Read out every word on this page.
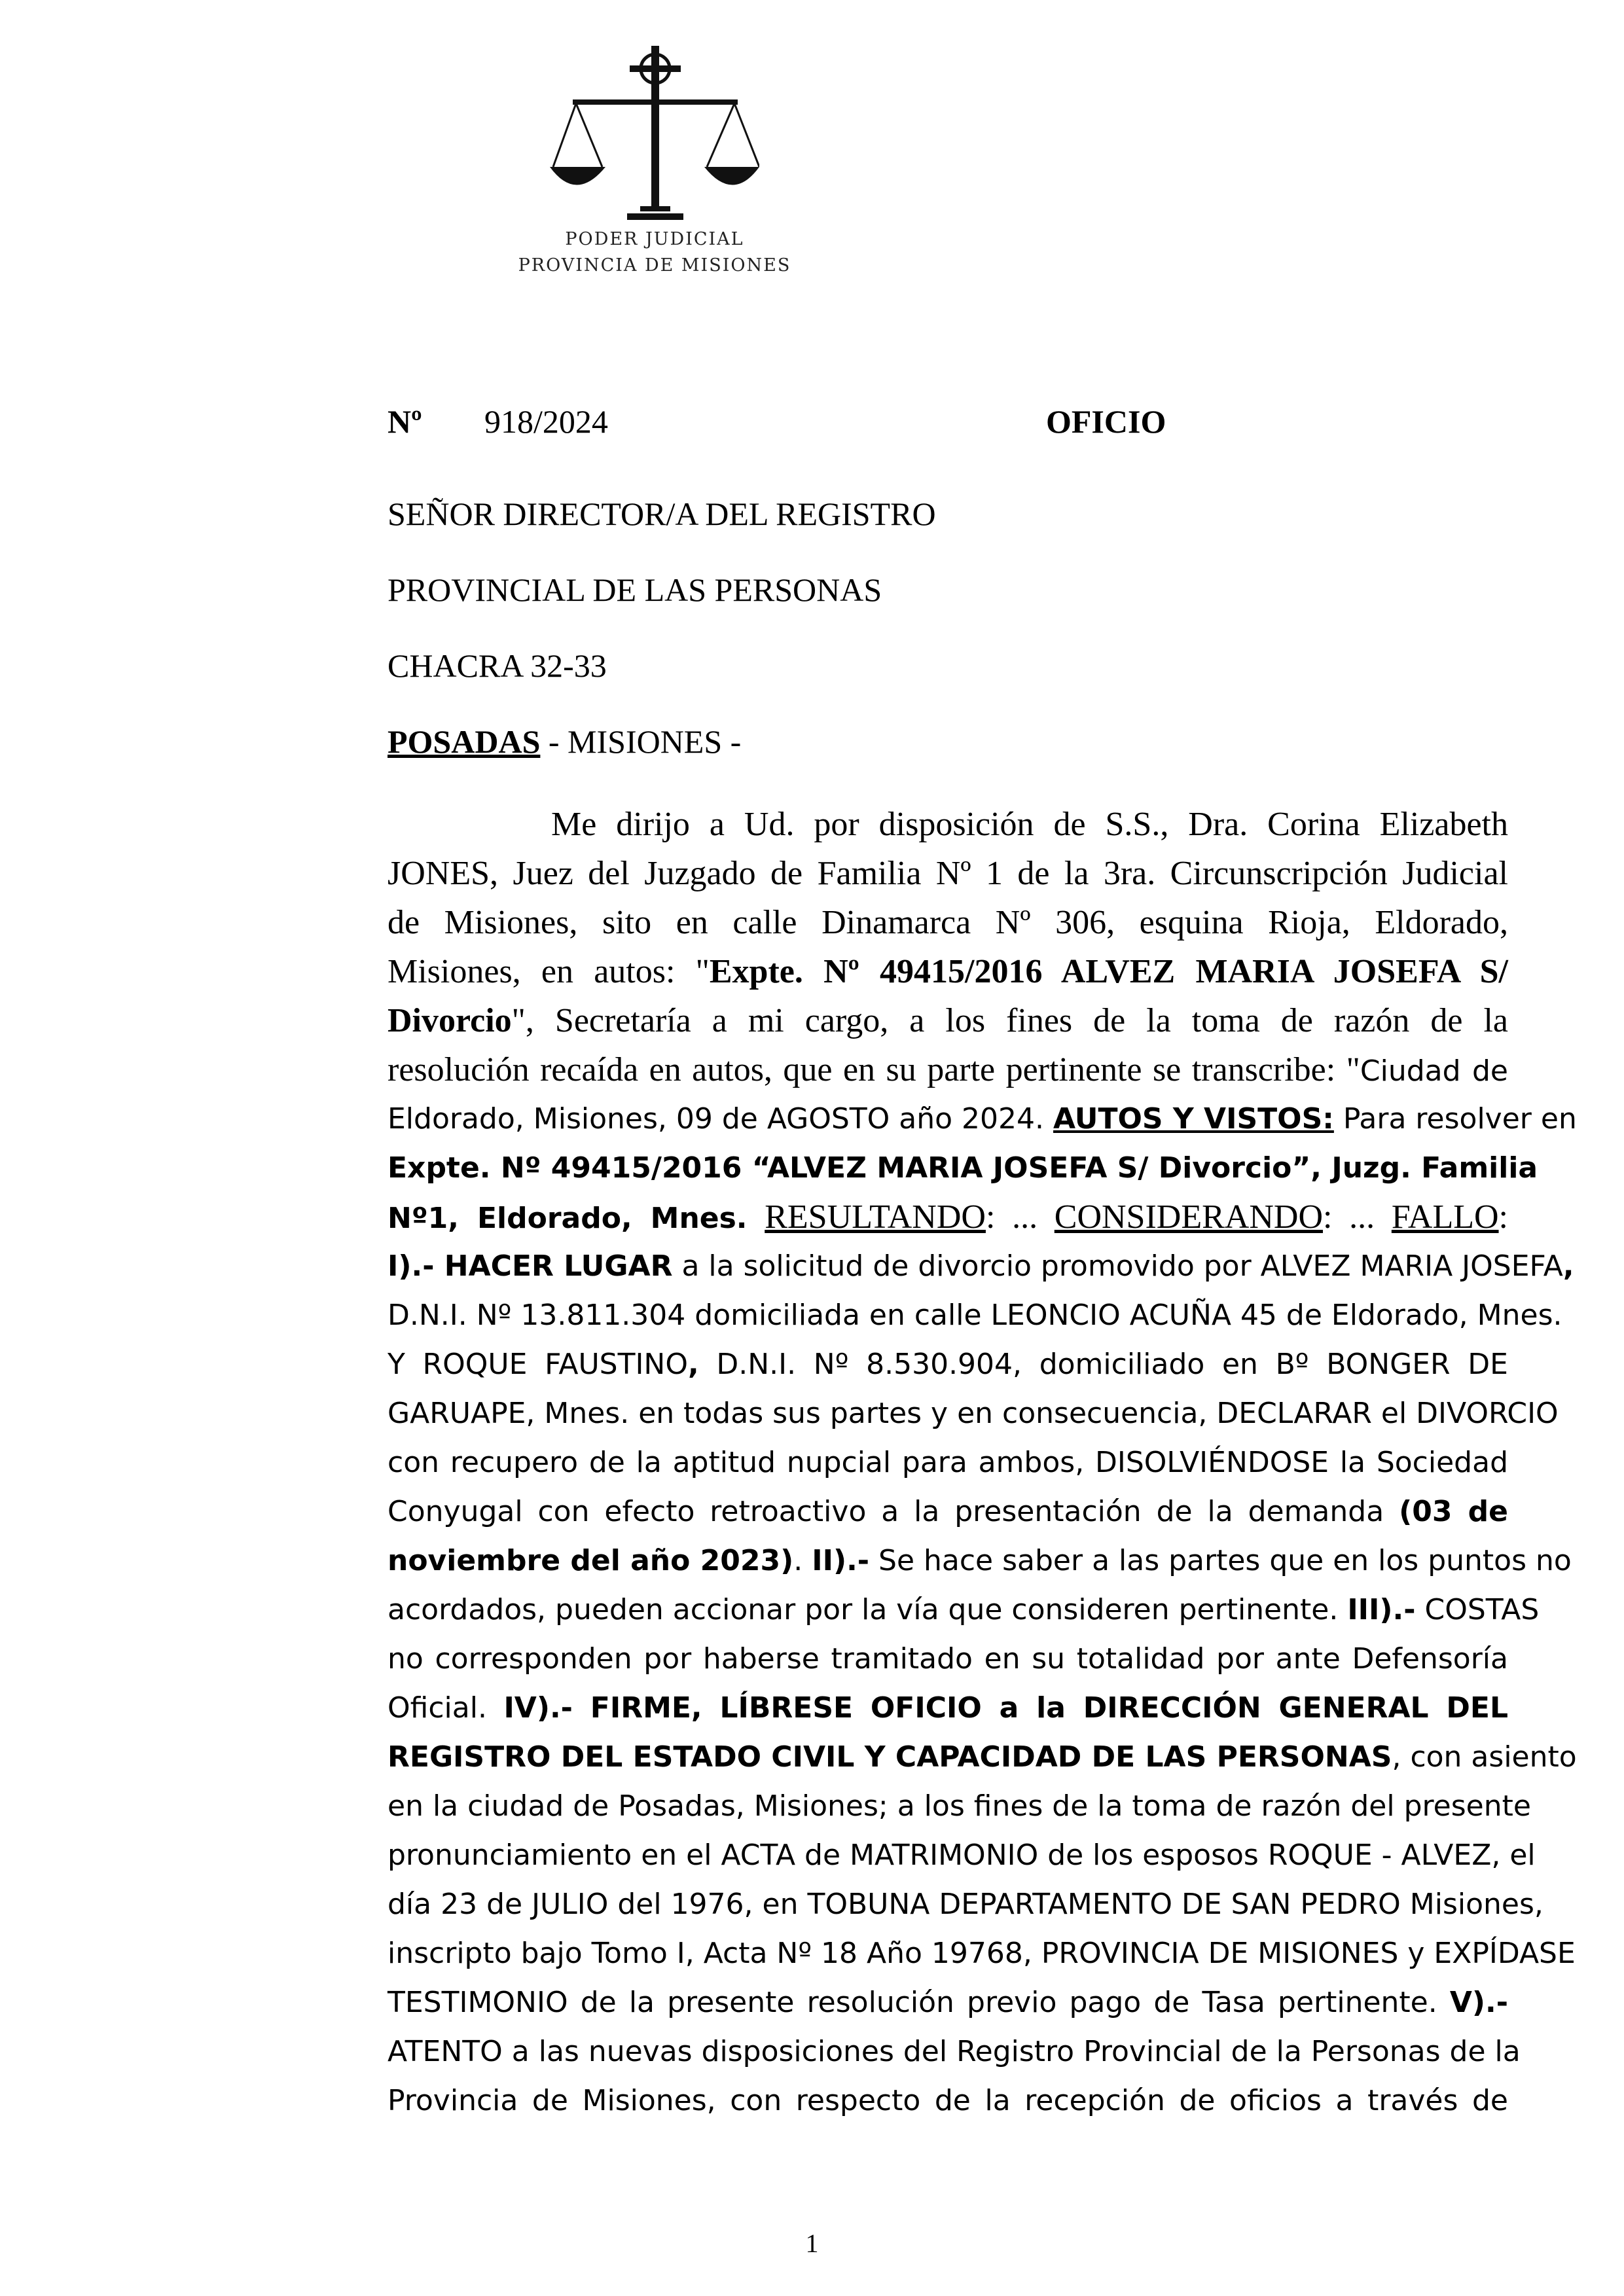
PODER JUDICIAL
PROVINCIA DE MISIONES
Nº 918/2024	OFICIO
SEÑOR DIRECTOR/A DEL REGISTRO
PROVINCIAL DE LAS PERSONAS
CHACRA 32-33
POSADAS - MISIONES -
Me dirijo a Ud. por disposición de S.S., Dra. Corina Elizabeth
JONES, Juez del Juzgado de Familia Nº 1 de la 3ra. Circunscripción Judicial
de Misiones, sito en calle Dinamarca Nº 306, esquina Rioja, Eldorado,
Misiones, en autos: "Expte. Nº 49415/2016 ALVEZ MARIA JOSEFA S/
Divorcio", Secretaría a mi cargo, a los fines de la toma de razón de la
resolución recaída en autos, que en su parte pertinente se transcribe: "Ciudad de
Eldorado, Misiones, 09 de AGOSTO año 2024. AUTOS Y VISTOS: Para resolver en
Expte. Nº 49415/2016 “ALVEZ MARIA JOSEFA S/ Divorcio”, Juzg. Familia
Nº1, Eldorado, Mnes. RESULTANDO: ... CONSIDERANDO: ... FALLO:
I).- HACER LUGAR a la solicitud de divorcio promovido por ALVEZ MARIA JOSEFA,
D.N.I. Nº 13.811.304 domiciliada en calle LEONCIO ACUÑA 45 de Eldorado, Mnes.
Y ROQUE FAUSTINO, D.N.I. Nº 8.530.904, domiciliado en Bº BONGER DE
GARUAPE, Mnes. en todas sus partes y en consecuencia, DECLARAR el DIVORCIO
con recupero de la aptitud nupcial para ambos, DISOLVIÉNDOSE la Sociedad
Conyugal con efecto retroactivo a la presentación de la demanda (03 de
noviembre del año 2023). II).- Se hace saber a las partes que en los puntos no
acordados, pueden accionar por la vía que consideren pertinente. III).- COSTAS
no corresponden por haberse tramitado en su totalidad por ante Defensoría
Oficial. IV).- FIRME, LÍBRESE OFICIO a la DIRECCIÓN GENERAL DEL
REGISTRO DEL ESTADO CIVIL Y CAPACIDAD DE LAS PERSONAS, con asiento
en la ciudad de Posadas, Misiones; a los fines de la toma de razón del presente
pronunciamiento en el ACTA de MATRIMONIO de los esposos ROQUE - ALVEZ, el
día 23 de JULIO del 1976, en TOBUNA DEPARTAMENTO DE SAN PEDRO Misiones,
inscripto bajo Tomo I, Acta Nº 18 Año 19768, PROVINCIA DE MISIONES y EXPÍDASE
TESTIMONIO de la presente resolución previo pago de Tasa pertinente. V).-
ATENTO a las nuevas disposiciones del Registro Provincial de la Personas de la
Provincia de Misiones, con respecto de la recepción de oficios a través de
1
